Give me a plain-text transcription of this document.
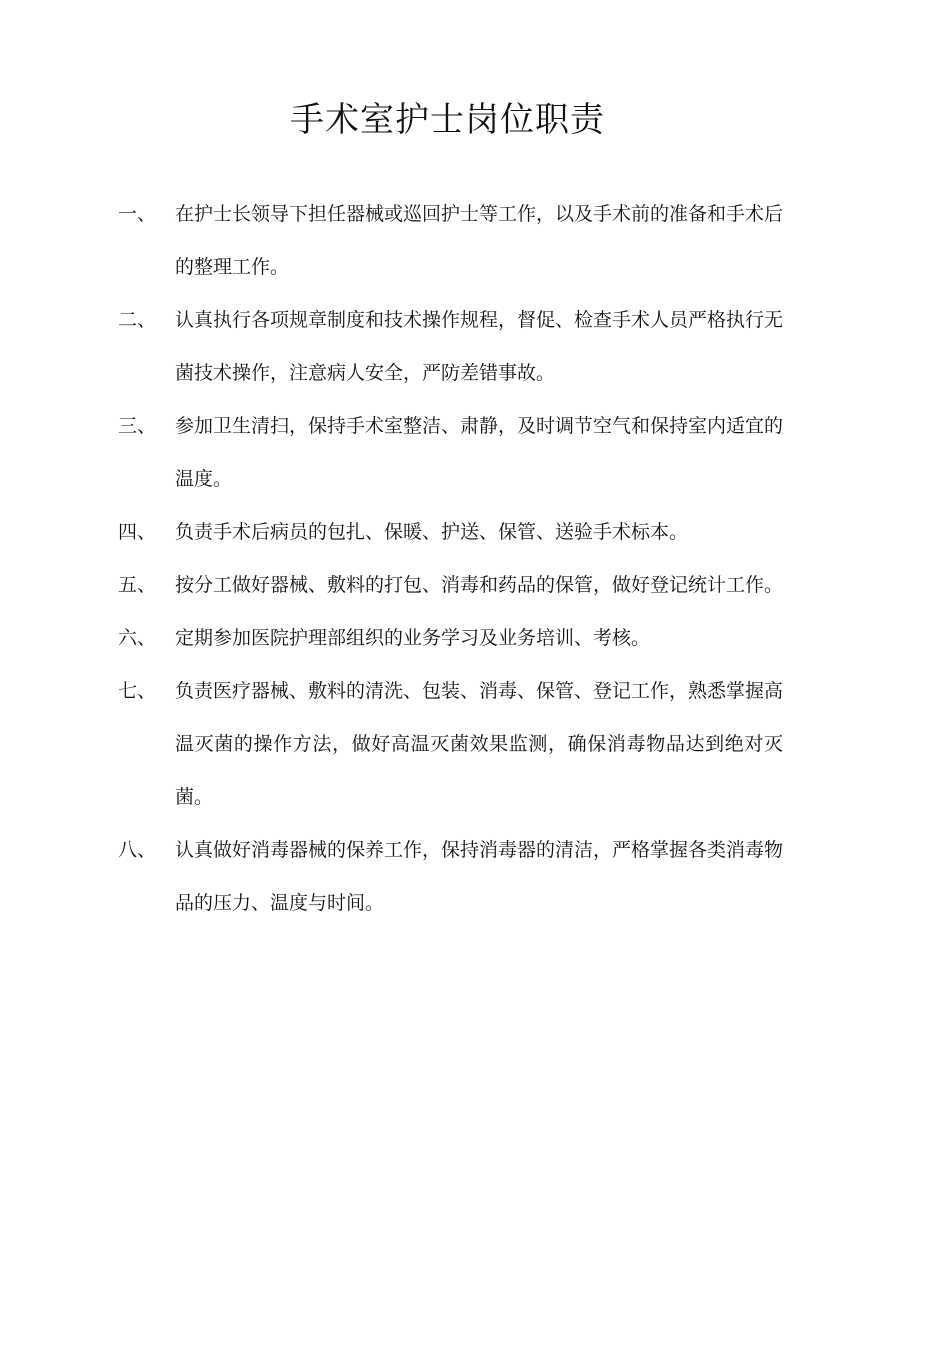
手术室护士岗位职责
一、 在护士长领导下担任器械或巡回护士等工作，以及手术前的准备和手术后的整理工作。
二、 认真执行各项规章制度和技术操作规程，督促、检查手术人员严格执行无菌技术操作，注意病人安全，严防差错事故。
三、 参加卫生清扫，保持手术室整洁、肃静，及时调节空气和保持室内适宜的温度。
四、 负责手术后病员的包扎、保暖、护送、保管、送验手术标本。
五、 按分工做好器械、敷料的打包、消毒和药品的保管，做好登记统计工作。
六、 定期参加医院护理部组织的业务学习及业务培训、考核。
七、 负责医疗器械、敷料的清洗、包装、消毒、保管、登记工作，熟悉掌握高温灭菌的操作方法，做好高温灭菌效果监测，确保消毒物品达到绝对灭菌。
八、 认真做好消毒器械的保养工作，保持消毒器的清洁，严格掌握各类消毒物品的压力、温度与时间。
